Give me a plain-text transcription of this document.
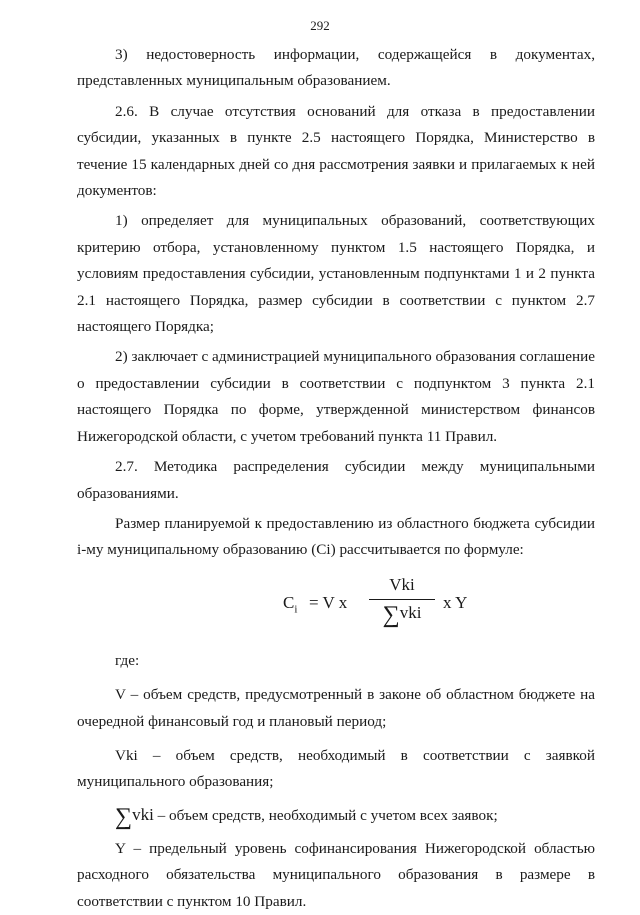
292

3) недостоверность информации, содержащейся в документах, представленных муниципальным образованием.

2.6. В случае отсутствия оснований для отказа в предоставлении субсидии, указанных в пункте 2.5 настоящего Порядка, Министерство в течение 15 календарных дней со дня рассмотрения заявки и прилагаемых к ней документов:

1) определяет для муниципальных образований, соответствующих критерию отбора, установленному пунктом 1.5 настоящего Порядка, и условиям предоставления субсидии, установленным подпунктами 1 и 2 пункта 2.1 настоящего Порядка, размер субсидии в соответствии с пунктом 2.7 настоящего Порядка;

2) заключает с администрацией муниципального образования соглашение о предоставлении субсидии в соответствии с подпунктом 3 пункта 2.1 настоящего Порядка по форме, утвержденной министерством финансов Нижегородской области, с учетом требований пункта 11 Правил.

2.7. Методика распределения субсидии между муниципальными образованиями.

Размер планируемой к предоставлению из областного бюджета субсидии i-му муниципальному образованию (Ci) рассчитывается по формуле:

$C_i = V$ x
Vki
∑vki
x Y

где:

V – объем средств, предусмотренный в законе об областном бюджете на очередной финансовый год и плановый период;

Vki – объем средств, необходимый в соответствии с заявкой муниципального образования;

∑vki – объем средств, необходимый с учетом всех заявок;

Y – предельный уровень софинансирования Нижегородской областью расходного обязательства муниципального образования в размере в соответствии с пунктом 10 Правил.
